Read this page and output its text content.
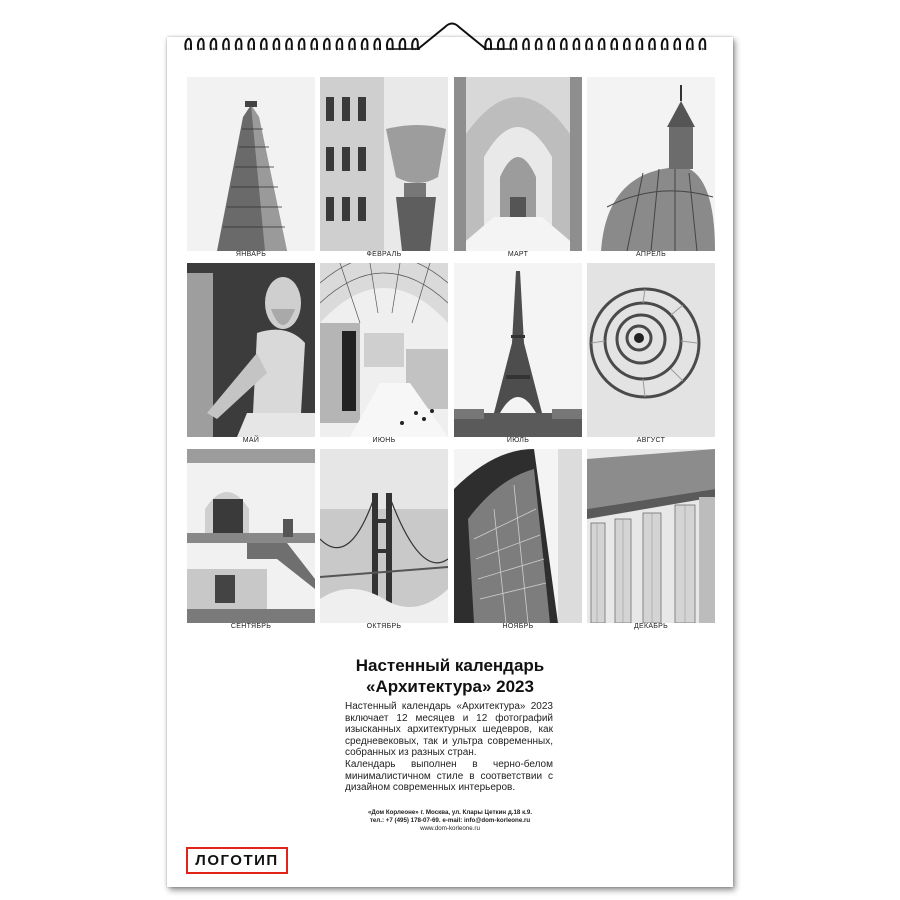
ЯНВАРЬ	ФЕВРАЛЬ	МАРТ	АПРЕЛЬ
МАЙ	ИЮНЬ	ИЮЛЬ	АВГУСТ
СЕНТЯБРЬ	ОКТЯБРЬ	НОЯБРЬ	ДЕКАБРЬ
Настенный календарь
«Архитектура» 2023

Настенный календарь «Архитектура» 2023 включает 12 месяцев и 12 фотографий изысканных архитектурных шедевров, как средневековых, так и ультра современных, собранных из разных стран.

Календарь выполнен в черно-белом минималистичном стиле в соответствии с дизайном современных интерьеров.

«Дом Корлеоне» г. Москва, ул. Клары Цеткин д.18 к.9.
тел.: +7 (495) 178-07-69. e-mail: info@dom-korleone.ru
www.dom-korleone.ru
ЛОГОТИП
